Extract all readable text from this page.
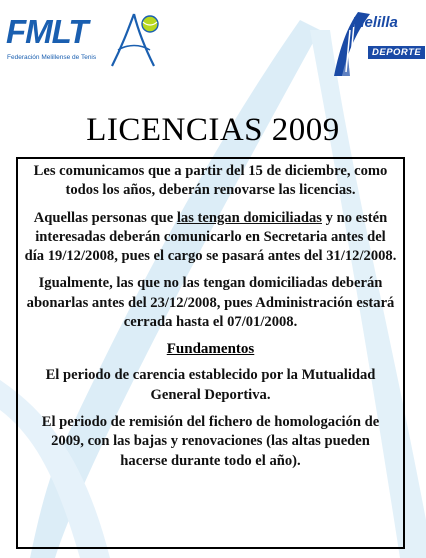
FMLT
Federación Melillense de Tenis
Melilla
DEPORTE
LICENCIAS 2009

Les comunicamos que a partir del 15 de diciembre, como todos los años, deberán renovarse las licencias.

Aquellas personas que las tengan domiciliadas y no estén interesadas deberán comunicarlo en Secretaria antes del día 19/12/2008, pues el cargo se pasará antes del 31/12/2008.

Igualmente, las que no las tengan domiciliadas deberán abonarlas antes del 23/12/2008, pues Administración estará cerrada hasta el 07/01/2008.

Fundamentos

El periodo de carencia establecido por la Mutualidad General Deportiva.

El periodo de remisión del fichero de homologación de 2009, con las bajas y renovaciones (las altas pueden hacerse durante todo el año).
